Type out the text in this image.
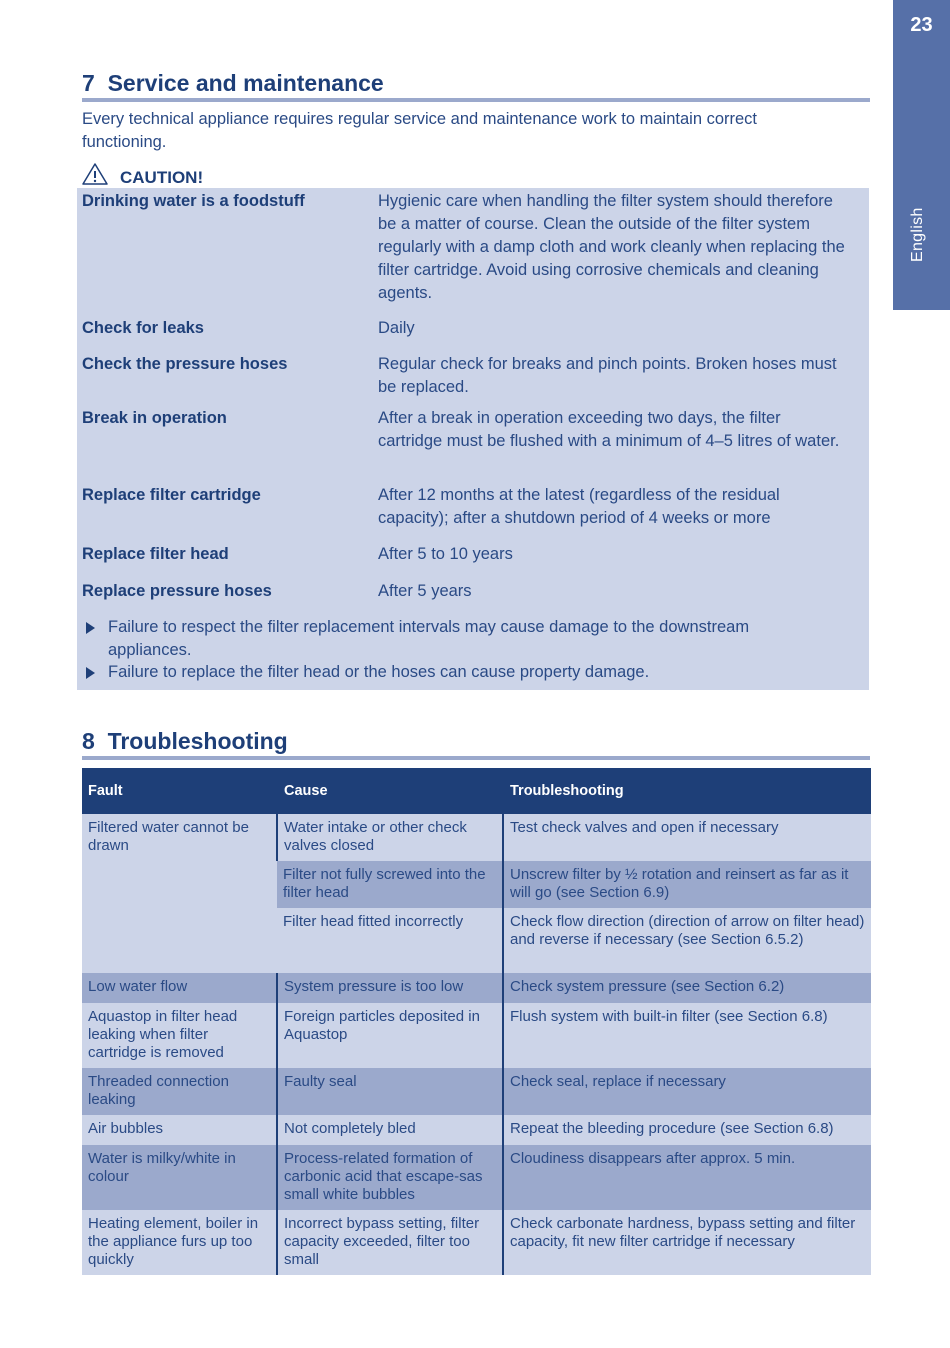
23
English
7 Service and maintenance
Every technical appliance requires regular service and maintenance work to maintain correct functioning.
CAUTION!
Drinking water is a foodstuff	Hygienic care when handling the filter system should therefore be a matter of course. Clean the outside of the filter system regularly with a damp cloth and work cleanly when replacing the filter cartridge. Avoid using corrosive chemicals and cleaning agents.
Check for leaks	Daily
Check the pressure hoses	Regular check for breaks and pinch points. Broken hoses must be replaced.
Break in operation	After a break in operation exceeding two days, the filter cartridge must be flushed with a minimum of 4–5 litres of water.
Replace filter cartridge	After 12 months at the latest (regardless of the residual capacity); after a shutdown period of 4 weeks or more
Replace filter head	After 5 to 10 years
Replace pressure hoses	After 5 years
Failure to respect the filter replacement intervals may cause damage to the downstream appliances.
Failure to replace the filter head or the hoses can cause property damage.
8 Troubleshooting
Fault	Cause	Troubleshooting
Filtered water cannot be drawn	Water intake or other check valves closed	Test check valves and open if necessary
	Filter not fully screwed into the filter head	Unscrew filter by ½ rotation and reinsert as far as it will go (see Section 6.9)
	Filter head fitted incorrectly	Check flow direction (direction of arrow on filter head) and reverse if necessary (see Section 6.5.2)
Low water flow	System pressure is too low	Check system pressure (see Section 6.2)
Aquastop in filter head leaking when filter cartridge is removed	Foreign particles deposited in Aquastop	Flush system with built-in filter (see Section 6.8)
Threaded connection leaking	Faulty seal	Check seal, replace if necessary
Air bubbles	Not completely bled	Repeat the bleeding procedure (see Section 6.8)
Water is milky/white in colour	Process-related formation of carbonic acid that escape-sas small white bubbles	Cloudiness disappears after approx. 5 min.
Heating element, boiler in the appliance furs up too quickly	Incorrect bypass setting, filter capacity exceeded, filter too small	Check carbonate hardness, bypass setting and filter capacity, fit new filter cartridge if necessary
